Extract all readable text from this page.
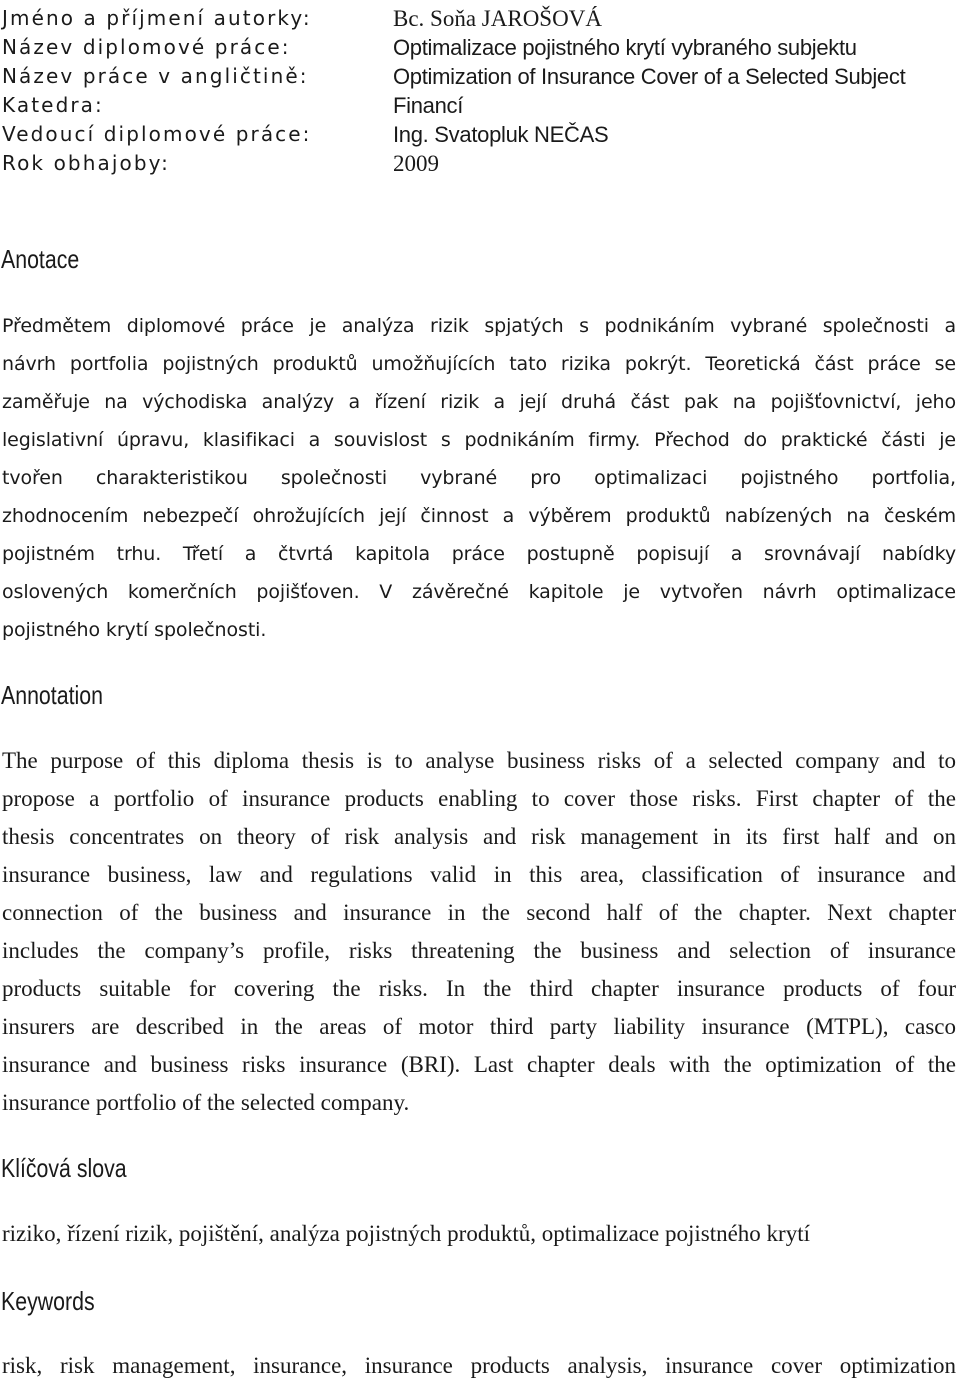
Jméno a příjmení autorky:	Bc. Soňa JAROŠOVÁ
Název diplomové práce:	Optimalizace pojistného krytí vybraného subjektu
Název práce v angličtině:	Optimization of Insurance Cover of a Selected Subject
Katedra:	Financí
Vedoucí diplomové práce:	Ing. Svatopluk NEČAS
Rok obhajoby:	2009
Anotace
Předmětem diplomové práce je analýza rizik spjatých s podnikáním vybrané společnosti a
návrh portfolia pojistných produktů umožňujících tato rizika pokrýt. Teoretická část práce se
zaměřuje na východiska analýzy a řízení rizik a její druhá část pak na pojišťovnictví, jeho
legislativní úpravu, klasifikaci a souvislost s podnikáním firmy. Přechod do praktické části je
tvořen charakteristikou společnosti vybrané pro optimalizaci pojistného portfolia,
zhodnocením nebezpečí ohrožujících její činnost a výběrem produktů nabízených na českém
pojistném trhu. Třetí a čtvrtá kapitola práce postupně popisují a srovnávají nabídky
oslovených komerčních pojišťoven. V závěrečné kapitole je vytvořen návrh optimalizace
pojistného krytí společnosti.
Annotation
The purpose of this diploma thesis is to analyse business risks of a selected company and to
propose a portfolio of insurance products enabling to cover those risks. First chapter of the
thesis concentrates on theory of risk analysis and risk management in its first half and on
insurance business, law and regulations valid in this area, classification of insurance and
connection of the business and insurance in the second half of the chapter. Next chapter
includes the company’s profile, risks threatening the business and selection of insurance
products suitable for covering the risks. In the third chapter insurance products of four
insurers are described in the areas of motor third party liability insurance (MTPL), casco
insurance and business risks insurance (BRI). Last chapter deals with the optimization of the
insurance portfolio of the selected company.
Klíčová slova

riziko, řízení rizik, pojištění, analýza pojistných produktů, optimalizace pojistného krytí

Keywords

risk, risk management, insurance, insurance products analysis, insurance cover optimization
